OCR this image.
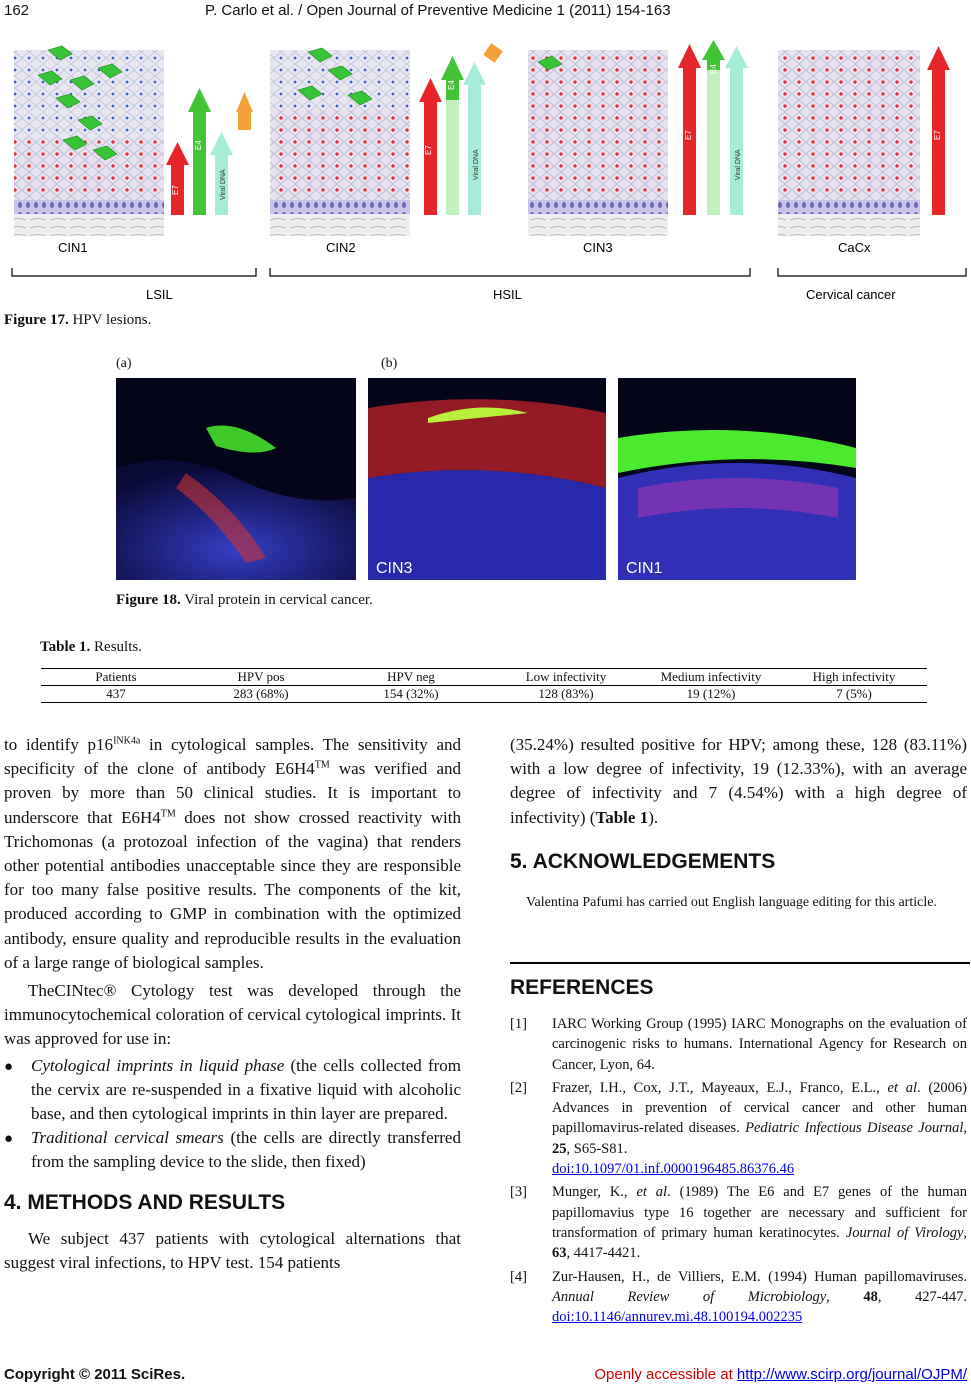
162	P. Carlo et al. / Open Journal of Preventive Medicine 1 (2011) 154-163
E7
E4
Viral DNA
E7
E4
Viral DNA
E7
E4
Viral DNA
E7
CIN1	CIN2	CIN3	CaCx
LSIL	HSIL	Cervical cancer
Figure 17. HPV lesions.
(a)	(b)
CIN3	CIN1
Figure 18. Viral protein in cervical cancer.
Table 1. Results.
Patients	HPV pos	HPV neg	Low infectivity	Medium infectivity	High infectivity
437	283 (68%)	154 (32%)	128 (83%)	19 (12%)	7 (5%)

to identify $p16^{INK4a}$ in cytological samples. The sensitivity and specificity of the clone of antibody E6H4™ was verified and proven by more than 50 clinical studies. It is important to underscore that E6H4™ does not show crossed reactivity with Trichomonas (a protozoal infection of the vagina) that renders other potential antibodies unacceptable since they are responsible for too many false positive results. The components of the kit, produced according to GMP in combination with the optimized antibody, ensure quality and reproducible results in the evaluation of a large range of biological samples.

TheCINtec® Cytology test was developed through the immunocytochemical coloration of cervical cytological imprints. It was approved for use in:

● Cytological imprints in liquid phase (the cells collected from the cervix are re-suspended in a fixative liquid with alcoholic base, and then cytological imprints in thin layer are prepared.
● Traditional cervical smears (the cells are directly transferred from the sampling device to the slide, then fixed)
4. METHODS AND RESULTS

We subject 437 patients with cytological alternations that suggest viral infections, to HPV test. 154 patients

(35.24%) resulted positive for HPV; among these, 128 (83.11%) with a low degree of infectivity, 19 (12.33%), with an average degree of infectivity and 7 (4.54%) with a high degree of infectivity) (Table 1).

5. ACKNOWLEDGEMENTS
Valentina Pafumi has carried out English language editing for this article.
REFERENCES
[1] IARC Working Group (1995) IARC Monographs on the evaluation of carcinogenic risks to humans. International Agency for Research on Cancer, Lyon, 64.
[2] Frazer, I.H., Cox, J.T., Mayeaux, E.J., Franco, E.L., et al. (2006) Advances in prevention of cervical cancer and other human papillomavirus-related diseases. Pediatric Infectious Disease Journal, 25, S65-S81.
doi:10.1097/01.inf.0000196485.86376.46
[3] Munger, K., et al. (1989) The E6 and E7 genes of the human papillomavius type 16 together are necessary and sufficient for transformation of primary human keratinocytes. Journal of Virology, 63, 4417-4421.
[4] Zur-Hausen, H., de Villiers, E.M. (1994) Human papillomaviruses. Annual Review of Microbiology, 48, 427-447. doi:10.1146/annurev.mi.48.100194.002235
Copyright © 2011 SciRes.	Openly accessible at http://www.scirp.org/journal/OJPM/
